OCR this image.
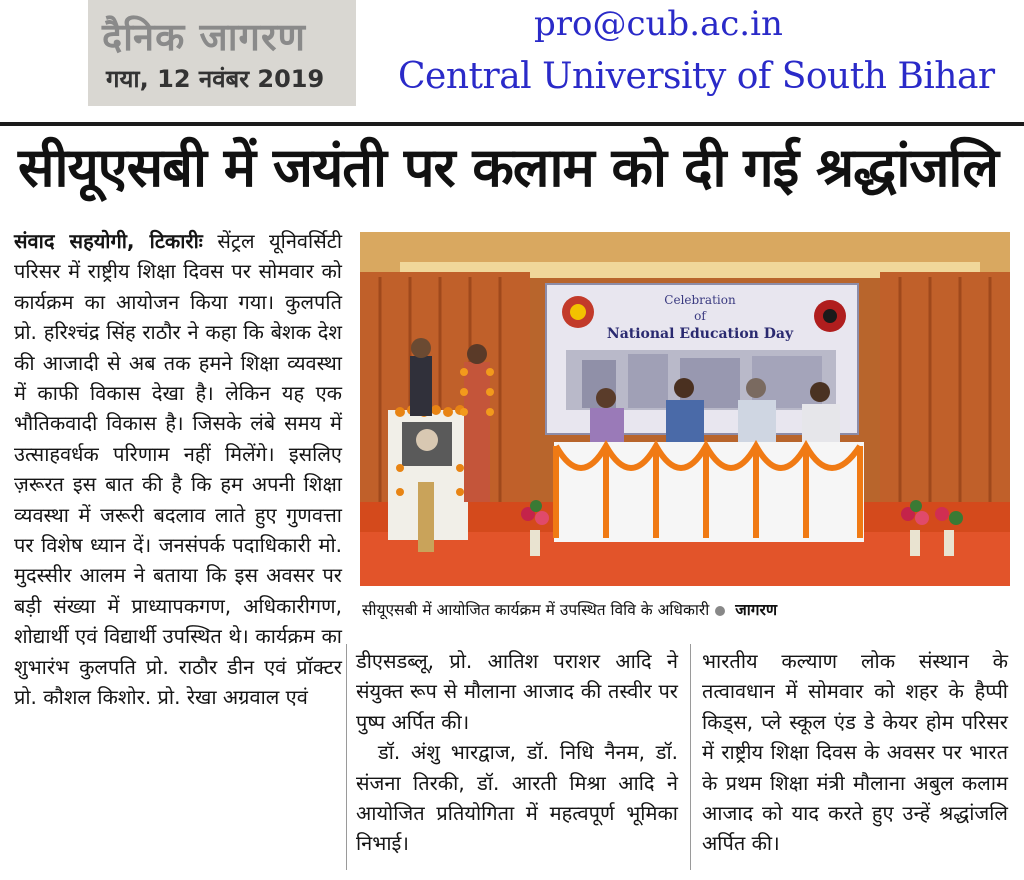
दैनिक जागरण
गया, 12 नवंबर 2019
pro@cub.ac.in
Central University of South Bihar
सीयूएसबी में जयंती पर कलाम को दी गई श्रद्धांजलि
संवाद सहयोगी, टिकारीः सेंट्रल यूनिवर्सिटी परिसर में राष्ट्रीय शिक्षा दिवस पर सोमवार को कार्यक्रम का आयोजन किया गया। कुलपति प्रो. हरिश्चंद्र सिंह राठौर ने कहा कि बेशक देश की आजादी से अब तक हमने शिक्षा व्यवस्था में काफी विकास देखा है। लेकिन यह एक भौतिकवादी विकास है। जिसके लंबे समय में उत्साहवर्धक परिणाम नहीं मिलेंगे। इसलिए ज़रूरत इस बात की है कि हम अपनी शिक्षा व्यवस्था में जरूरी बदलाव लाते हुए गुणवत्ता पर विशेष ध्यान दें। जनसंपर्क पदाधिकारी मो. मुदस्सीर आलम ने बताया कि इस अवसर पर बड़ी संख्या में प्राध्यापकगण, अधिकारीगण, शोद्यार्थी एवं विद्यार्थी उपस्थित थे। कार्यक्रम का शुभारंभ कुलपति प्रो. राठौर डीन एवं प्रॉक्टर प्रो. कौशल किशोर. प्रो. रेखा अग्रवाल एवं
Celebration
of
National Education Day
सीयूएसबी में आयोजित कार्यक्रम में उपस्थित विवि के अधिकारी जागरण
डीएसडब्लू, प्रो. आतिश पराशर आदि ने संयुक्त रूप से मौलाना आजाद की तस्वीर पर पुष्प अर्पित की।
डॉ. अंशु भारद्वाज, डॉ. निधि नैनम, डॉ. संजना तिरकी, डॉ. आरती मिश्रा आदि ने आयोजित प्रतियोगिता में महत्वपूर्ण भूमिका निभाई।
भारतीय कल्याण लोक संस्थान के तत्वावधान में सोमवार को शहर के हैप्पी किड्स, प्ले स्कूल एंड डे केयर होम परिसर में राष्ट्रीय शिक्षा दिवस के अवसर पर भारत के प्रथम शिक्षा मंत्री मौलाना अबुल कलाम आजाद को याद करते हुए उन्हें श्रद्धांजलि अर्पित की।
